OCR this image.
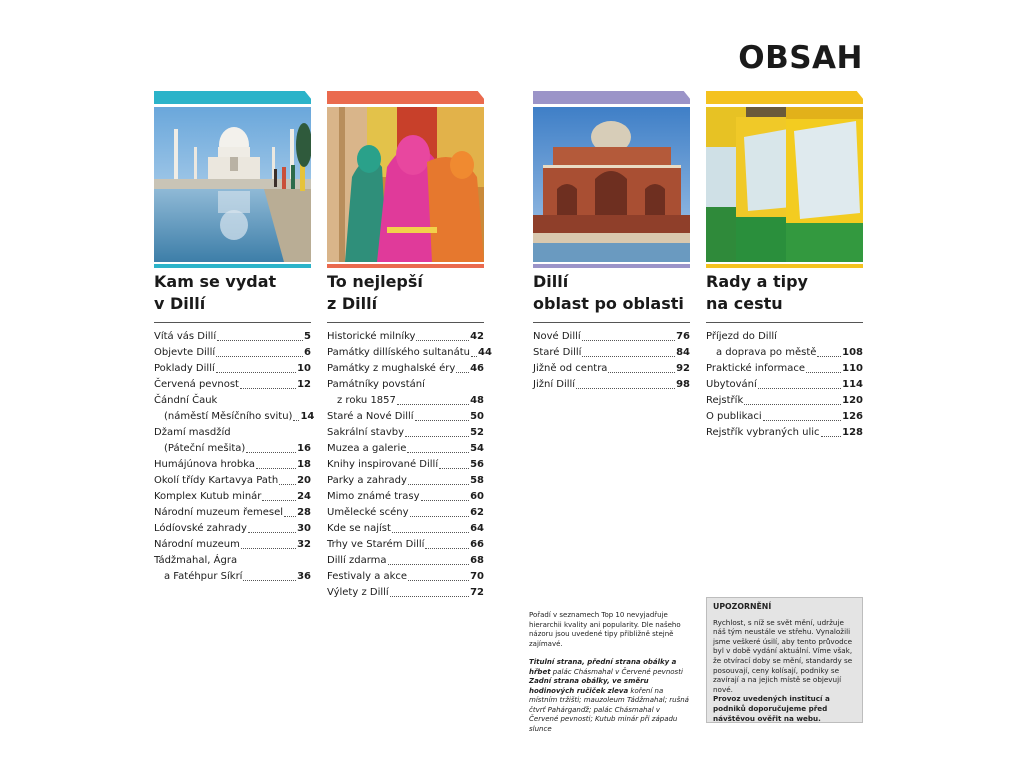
OBSAH
Kam se vydat
v Dillí
Vítá vás Dillí	5
Objevte Dillí	6
Poklady Dillí	10
Červená pevnost	12
Čándní Čauk
(náměstí Měsíčního svitu) 14
Džamí masdžíd
(Páteční mešita)	16
Humájúnova hrobka	18
Okolí třídy Kartavya Path 20
Komplex Kutub minár	24
Národní muzeum řemesel 28
Lódíovské zahrady	30
Národní muzeum	32
Tádžmahal, Ágra
a Fatéhpur Síkrí	36
To nejlepší
z Dillí
Historické milníky	42
Památky dillíského sultanátu 44
Památky z mughalské éry 46
Památníky povstání
z roku 1857	48
Staré a Nové Dillí	50
Sakrální stavby	52
Muzea a galerie	54
Knihy inspirované Dillí	56
Parky a zahrady	58
Mimo známé trasy	60
Umělecké scény	62
Kde se najíst	64
Trhy ve Starém Dillí	66
Dillí zdarma	68
Festivaly a akce	70
Výlety z Dillí	72
Dillí
oblast po oblasti
Nové Dillí	76
Staré Dillí	84
Jižně od centra	92
Jižní Dillí	98
Rady a tipy
na cestu
Příjezd do Dillí
a doprava po městě	108
Praktické informace	110
Ubytování	114
Rejstřík	120
O publikaci	126
Rejstřík vybraných ulic 128

Pořadí v seznamech Top 10 nevyjadřuje hierarchii kvality ani popularity. Dle našeho názoru jsou uvedené tipy přibližně stejně zajímavé.

Titulní strana, přední strana obálky a hřbet palác Chásmahal v Červené pevnosti Zadní strana obálky, ve směru hodinových ručiček zleva koření na místním tržišti; mauzoleum Tádžmahal; rušná čtvrť Pahárganďž; palác Chásmahal v Červené pevnosti; Kutub minár při západu slunce

UPOZORNĚNÍ
Rychlost, s níž se svět mění, udržuje náš tým neustále ve střehu. Vynaložili jsme veškeré úsilí, aby tento průvodce byl v době vydání aktuální. Víme však, že otvírací doby se mění, standardy se posouvají, ceny kolísají, podniky se zavírají a na jejich místě se objevují nové.
Provoz uvedených institucí a podniků doporučujeme před návštěvou ověřit na webu.
